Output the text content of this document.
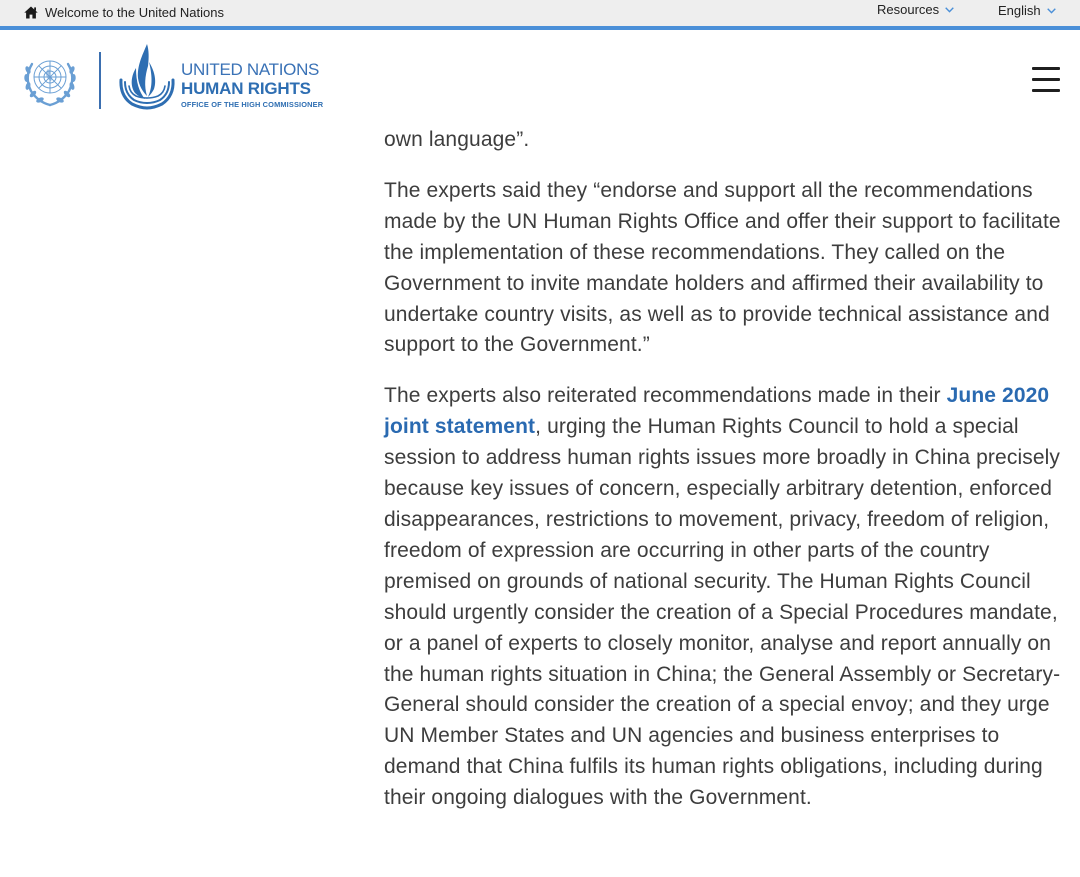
Welcome to the United Nations	Resources	English
UNITED NATIONS
HUMAN RIGHTS
OFFICE OF THE HIGH COMMISSIONER

own language”.

The experts said they “endorse and support all the recommendations made by the UN Human Rights Office and offer their support to facilitate the implementation of these recommendations. They called on the Government to invite mandate holders and affirmed their availability to undertake country visits, as well as to provide technical assistance and support to the Government.”

The experts also reiterated recommendations made in their June 2020 joint statement, urging the Human Rights Council to hold a special session to address human rights issues more broadly in China precisely because key issues of concern, especially arbitrary detention, enforced disappearances, restrictions to movement, privacy, freedom of religion, freedom of expression are occurring in other parts of the country premised on grounds of national security. The Human Rights Council should urgently consider the creation of a Special Procedures mandate, or a panel of experts to closely monitor, analyse and report annually on the human rights situation in China; the General Assembly or Secretary-General should consider the creation of a special envoy; and they urge UN Member States and UN agencies and business enterprises to demand that China fulfils its human rights obligations, including during their ongoing dialogues with the Government.
